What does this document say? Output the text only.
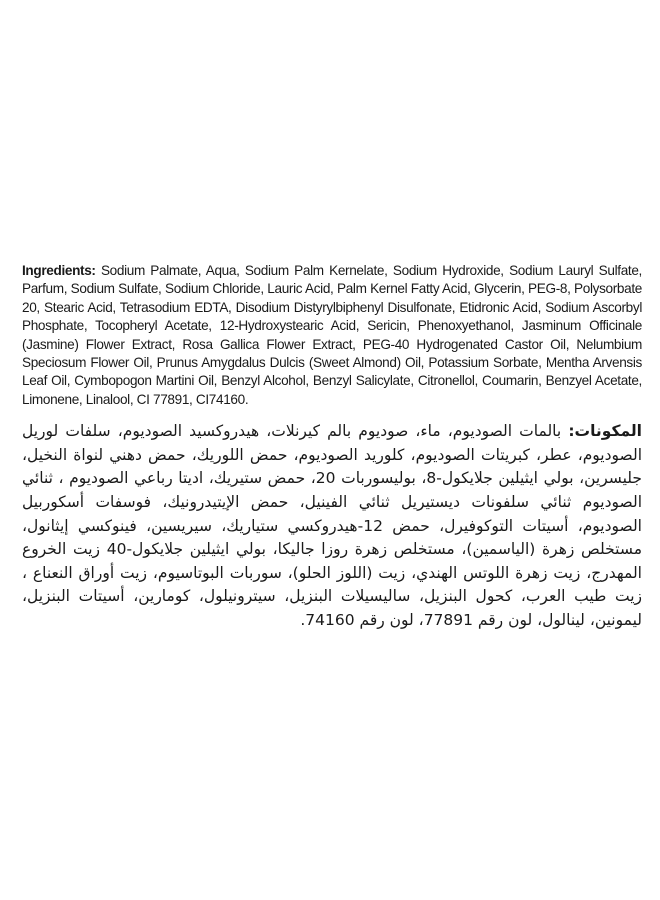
Ingredients: Sodium Palmate, Aqua, Sodium Palm Kernelate, Sodium Hydroxide, Sodium Lauryl Sulfate, Parfum, Sodium Sulfate, Sodium Chloride, Lauric Acid, Palm Kernel Fatty Acid, Glycerin, PEG-8, Polysorbate 20, Stearic Acid, Tetrasodium EDTA, Disodium Distyrylbiphenyl Disulfonate, Etidronic Acid, Sodium Ascorbyl Phosphate, Tocopheryl Acetate, 12-Hydroxystearic Acid, Sericin, Phenoxyethanol, Jasminum Officinale (Jasmine) Flower Extract, Rosa Gallica Flower Extract, PEG-40 Hydrogenated Castor Oil, Nelumbium Speciosum Flower Oil, Prunus Amygdalus Dulcis (Sweet Almond) Oil, Potassium Sorbate, Mentha Arvensis Leaf Oil, Cymbopogon Martini Oil, Benzyl Alcohol, Benzyl Salicylate, Citronellol, Coumarin, Benzyel Acetate, Limonene, Linalool, CI 77891, CI74160.

المكونات: بالمات الصوديوم، ماء، صوديوم بالم كيرنلات، هيدروكسيد الصوديوم، سلفات لوريل الصوديوم، عطر، كبريتات الصوديوم، كلوريد الصوديوم، حمض اللوريك، حمض دهني لنواة النخيل، جليسرين، بولي ايثيلين جلايكول-8، بوليسوربات 20، حمض ستيريك، اديتا رباعي الصوديوم ، ثنائي الصوديوم ثنائي سلفونات ديستيريل ثنائي الفينيل، حمض الإيتيدرونيك، فوسفات أسكوربيل الصوديوم، أسيتات التوكوفيرل، حمض 12-هيدروكسي ستياريك، سيريسين، فينوكسي إيثانول، مستخلص زهرة (الياسمين)، مستخلص زهرة روزا جاليكا، بولي ايثيلين جلايكول-40 زيت الخروع المهدرج، زيت زهرة اللوتس الهندي، زيت (اللوز الحلو)، سوربات البوتاسيوم، زيت أوراق النعناع ، زيت طيب العرب، كحول البنزيل، ساليسيلات البنزيل، سيترونيلول، كومارين، أسيتات البنزيل، ليمونين، لينالول، لون رقم 77891، لون رقم 74160.
